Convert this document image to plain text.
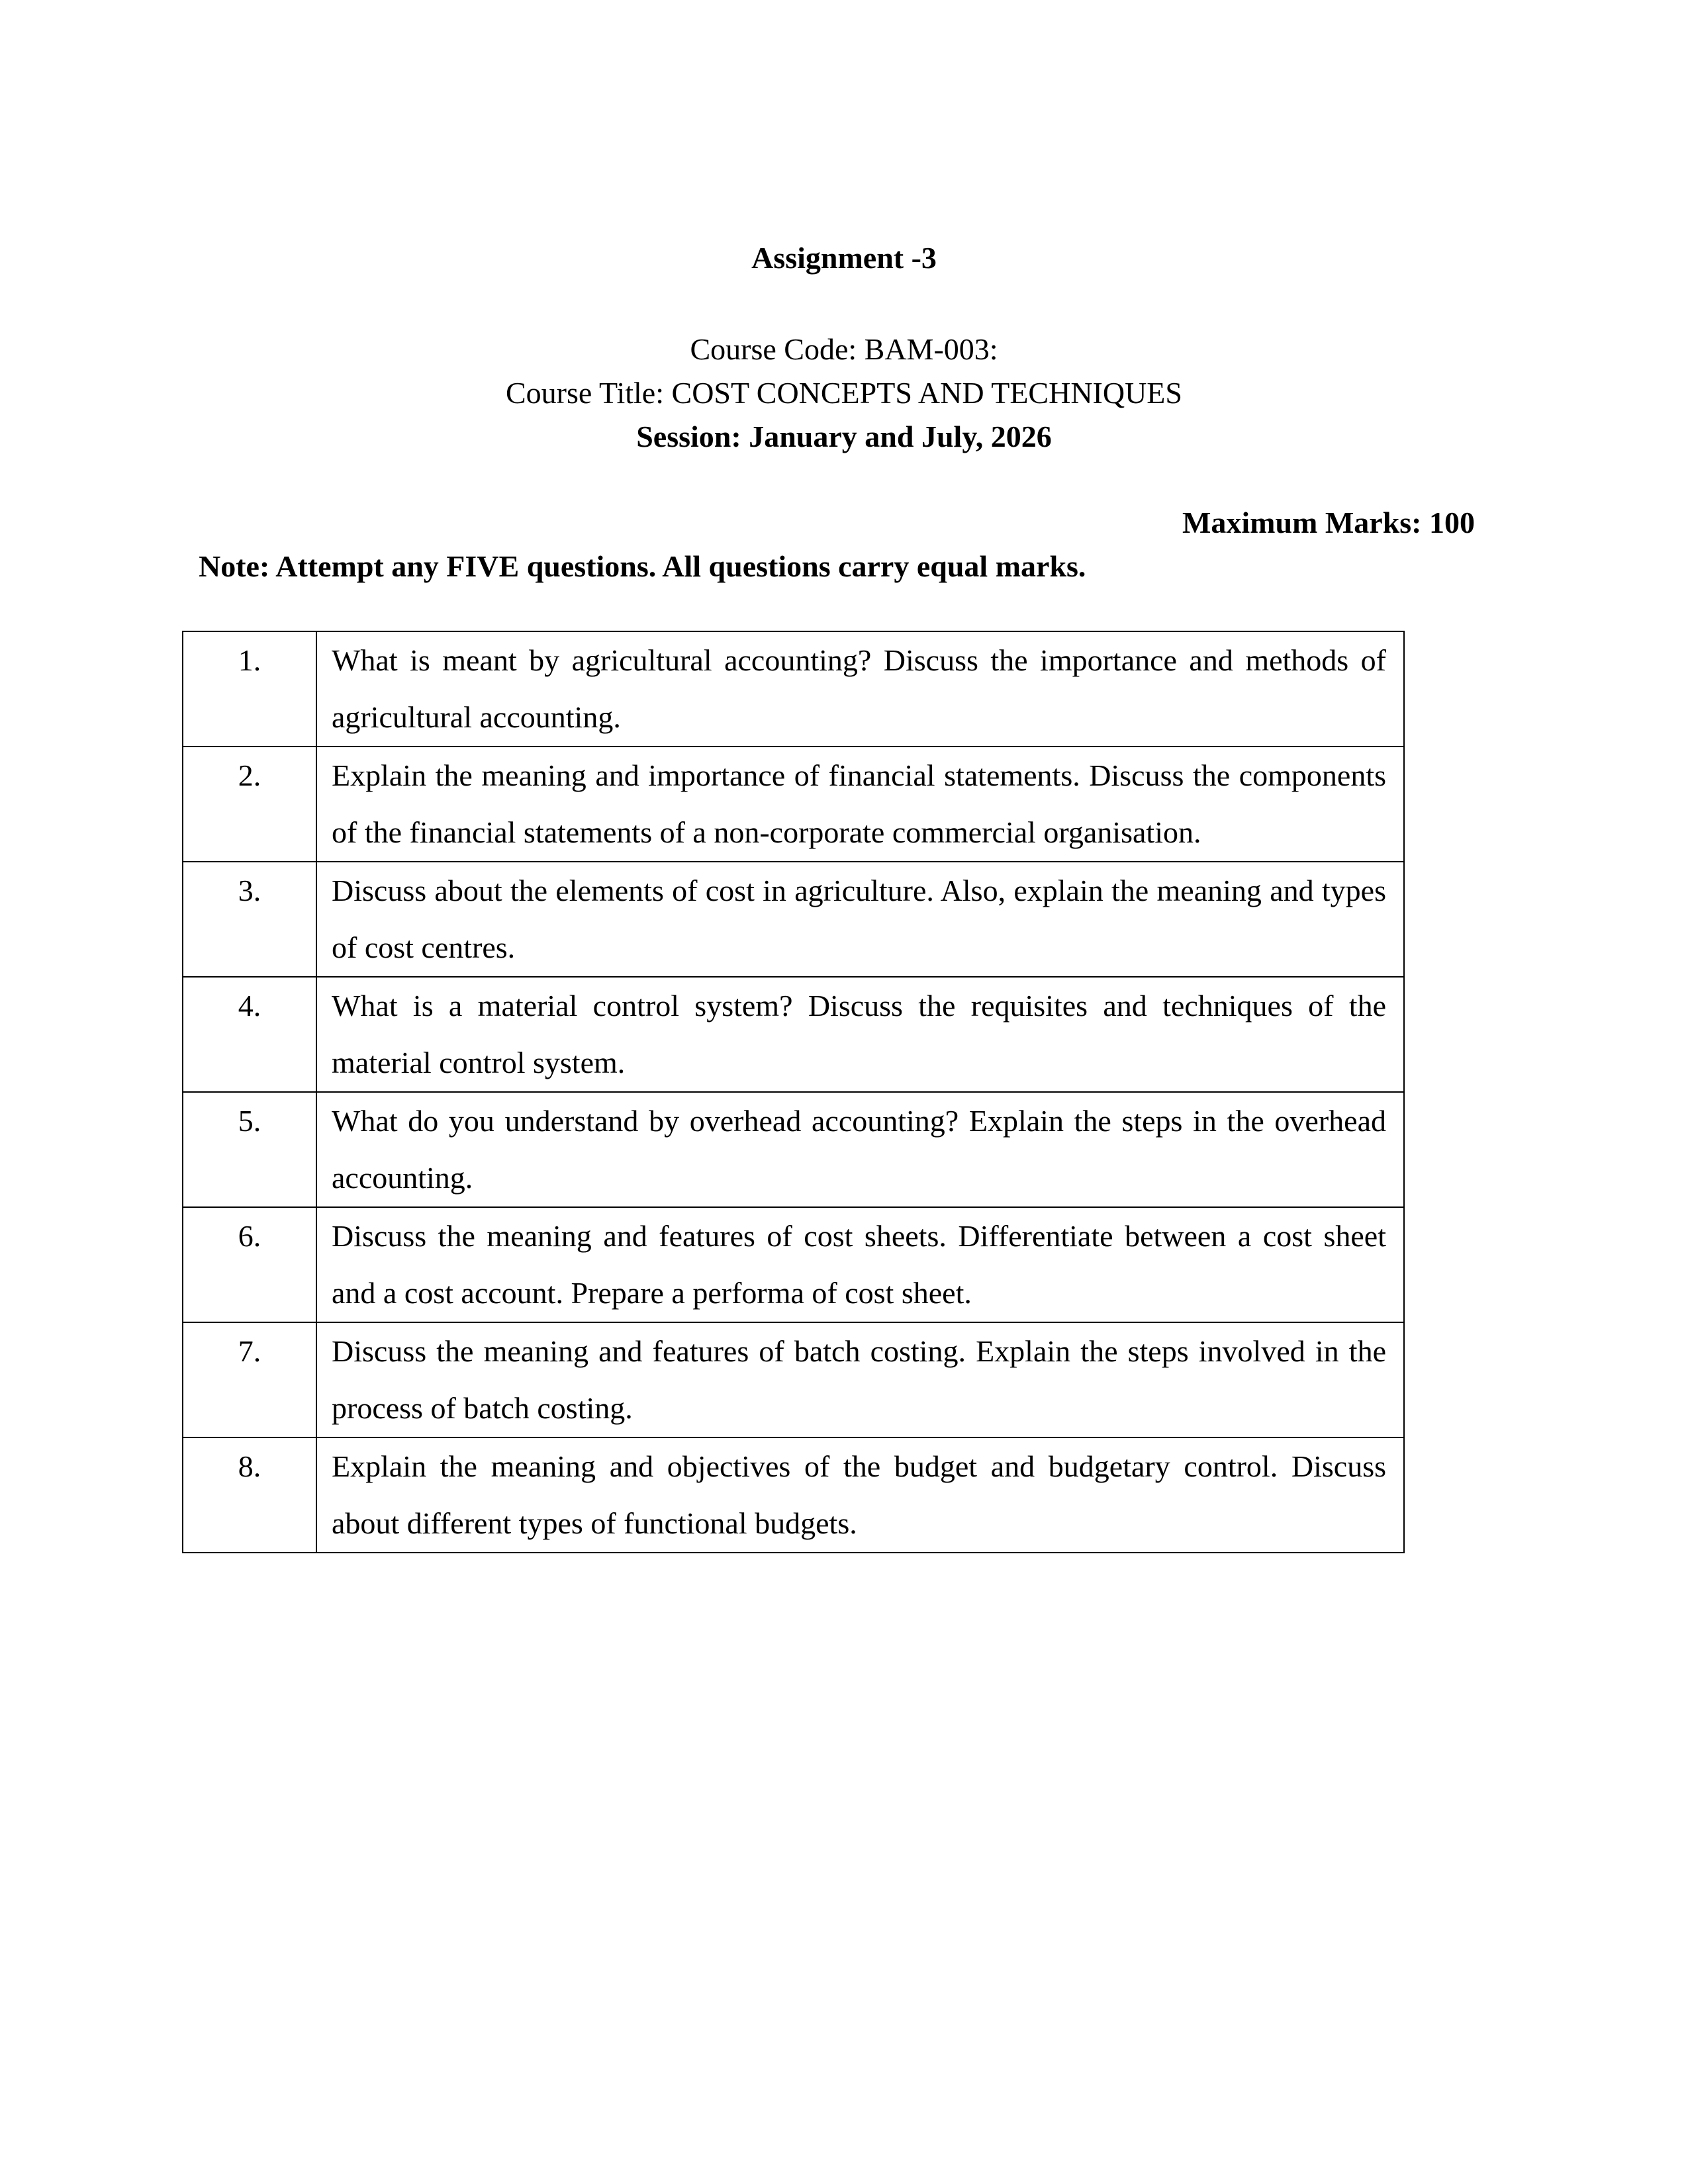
Assignment -3

Course Code: BAM-003:

Course Title: COST CONCEPTS AND TECHNIQUES

Session: January and July, 2026

Maximum Marks: 100

Note: Attempt any FIVE questions. All questions carry equal marks.

1.	What is meant by agricultural accounting? Discuss the importance and methods of agricultural accounting.
2.	Explain the meaning and importance of financial statements. Discuss the components of the financial statements of a non-corporate commercial organisation.
3.	Discuss about the elements of cost in agriculture. Also, explain the meaning and types of cost centres.
4.	What is a material control system? Discuss the requisites and techniques of the material control system.
5.	What do you understand by overhead accounting? Explain the steps in the overhead accounting.
6.	Discuss the meaning and features of cost sheets. Differentiate between a cost sheet and a cost account. Prepare a performa of cost sheet.
7.	Discuss the meaning and features of batch costing. Explain the steps involved in the process of batch costing.
8.	Explain the meaning and objectives of the budget and budgetary control. Discuss about different types of functional budgets.
